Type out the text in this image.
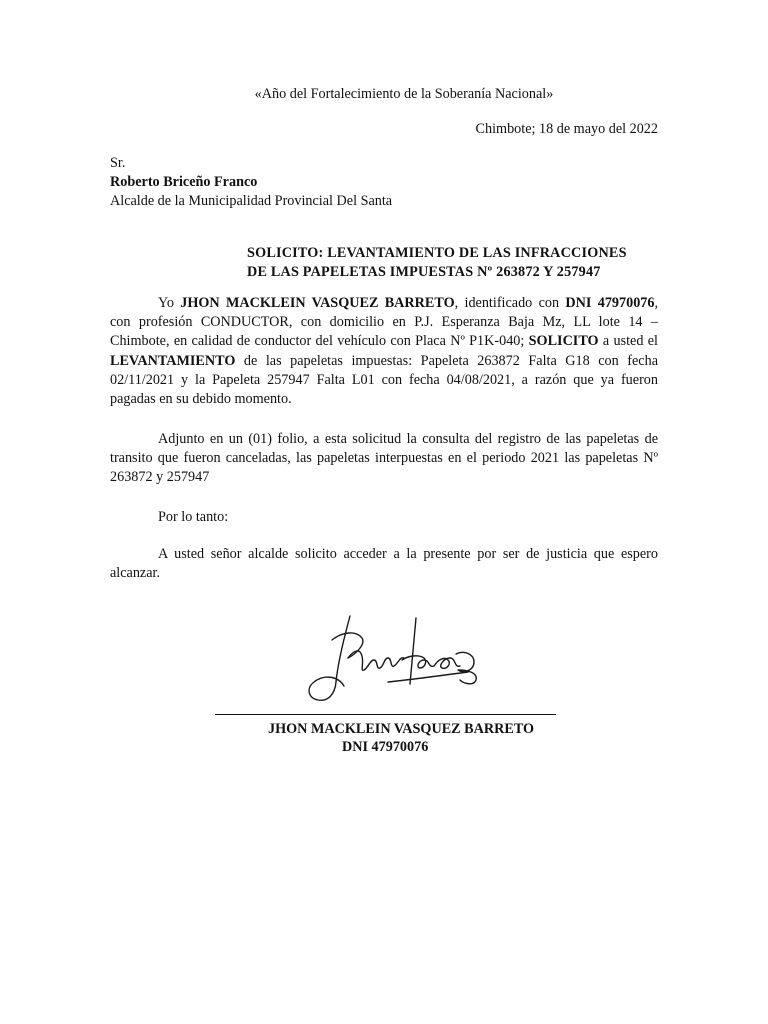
«Año del Fortalecimiento de la Soberanía Nacional»
Chimbote; 18 de mayo del 2022
Sr.
Roberto Briceño Franco
Alcalde de la Municipalidad Provincial Del Santa
SOLICITO: LEVANTAMIENTO DE LAS INFRACCIONES
DE LAS PAPELETAS IMPUESTAS Nº 263872 Y 257947
Yo JHON MACKLEIN VASQUEZ BARRETO, identificado con DNI 47970076, con profesión CONDUCTOR, con domicilio en P.J. Esperanza Baja Mz, LL lote 14 – Chimbote, en calidad de conductor del vehículo con Placa Nº P1K-040; SOLICITO a usted el LEVANTAMIENTO de las papeletas impuestas: Papeleta 263872 Falta G18 con fecha 02/11/2021 y la Papeleta 257947 Falta L01 con fecha 04/08/2021, a razón que ya fueron pagadas en su debido momento.
Adjunto en un (01) folio, a esta solicitud la consulta del registro de las papeletas de transito que fueron canceladas, las papeletas interpuestas en el periodo 2021 las papeletas Nº 263872 y 257947
Por lo tanto:
A usted señor alcalde solicito acceder a la presente por ser de justicia que espero alcanzar.
JHON MACKLEIN VASQUEZ BARRETO
DNI 47970076
